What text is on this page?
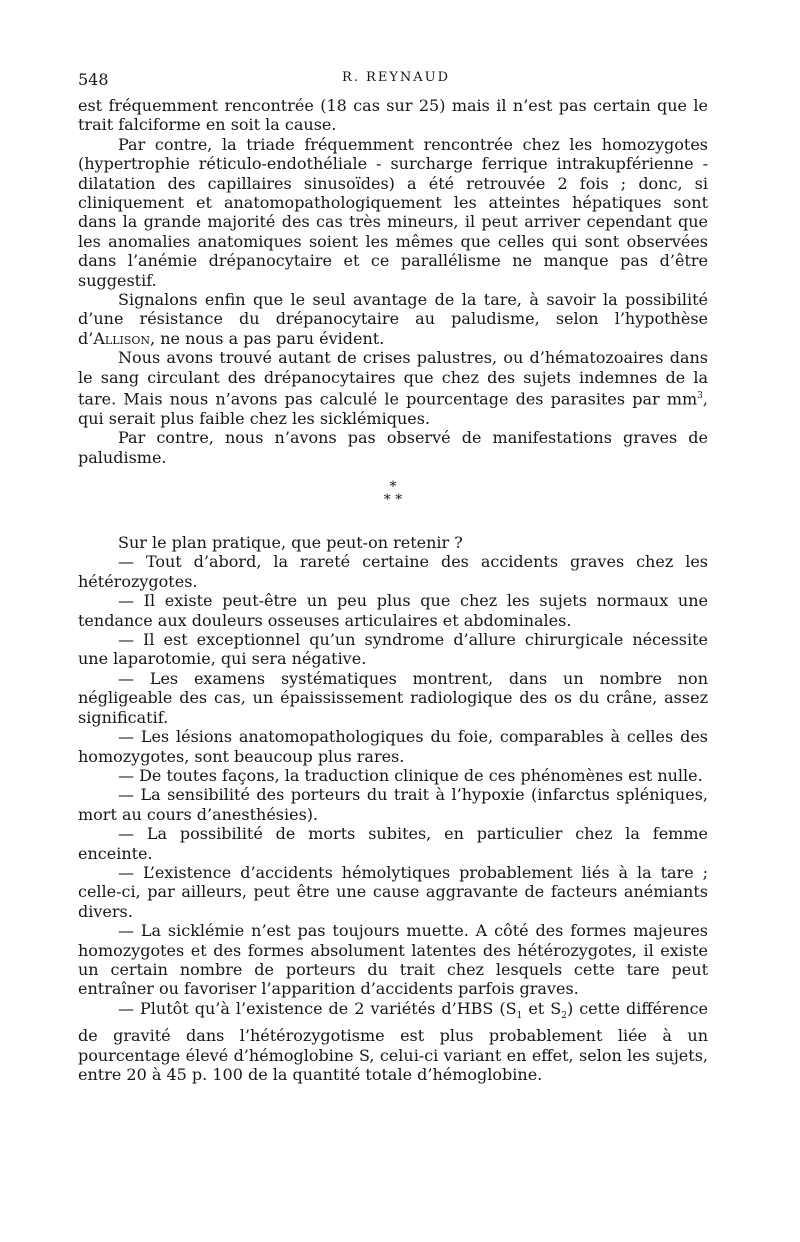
548	R. REYNAUD

est fréquemment rencontrée (18 cas sur 25) mais il n’est pas certain que le trait falciforme en soit la cause.

Par contre, la triade fréquemment rencontrée chez les homozygotes (hypertrophie réticulo-endothéliale - surcharge ferrique intrakupférienne - dilatation des capillaires sinusoïdes) a été retrouvée 2 fois ; donc, si cliniquement et anatomopathologiquement les atteintes hépatiques sont dans la grande majorité des cas très mineurs, il peut arriver cependant que les anomalies anatomiques soient les mêmes que celles qui sont observées dans l’anémie drépanocytaire et ce parallélisme ne manque pas d’être suggestif.

Signalons enfin que le seul avantage de la tare, à savoir la possibilité d’une résistance du drépanocytaire au paludisme, selon l’hypothèse d’Allison, ne nous a pas paru évident.

Nous avons trouvé autant de crises palustres, ou d’hématozoaires dans le sang circulant des drépanocytaires que chez des sujets indemnes de la tare. Mais nous n’avons pas calculé le pourcentage des parasites par $mm^3$, qui serait plus faible chez les sicklémiques.

Par contre, nous n’avons pas observé de manifestations graves de paludisme.

*
* *

Sur le plan pratique, que peut-on retenir ?

— Tout d’abord, la rareté certaine des accidents graves chez les hétérozygotes.

— Il existe peut-être un peu plus que chez les sujets normaux une tendance aux douleurs osseuses articulaires et abdominales.

— Il est exceptionnel qu’un syndrome d’allure chirurgicale nécessite une laparotomie, qui sera négative.

— Les examens systématiques montrent, dans un nombre non négligeable des cas, un épaississement radiologique des os du crâne, assez significatif.

— Les lésions anatomopathologiques du foie, comparables à celles des homozygotes, sont beaucoup plus rares.

— De toutes façons, la traduction clinique de ces phénomènes est nulle.

— La sensibilité des porteurs du trait à l’hypoxie (infarctus spléniques, mort au cours d’anesthésies).

— La possibilité de morts subites, en particulier chez la femme enceinte.

— L’existence d’accidents hémolytiques probablement liés à la tare ; celle-ci, par ailleurs, peut être une cause aggravante de facteurs anémiants divers.

— La sicklémie n’est pas toujours muette. A côté des formes majeures homozygotes et des formes absolument latentes des hétérozygotes, il existe un certain nombre de porteurs du trait chez lesquels cette tare peut entraîner ou favoriser l’apparition d’accidents parfois graves.

— Plutôt qu’à l’existence de 2 variétés d’HBS ($S_1$ et $S_2$) cette différence de gravité dans l’hétérozygotisme est plus probablement liée à un pourcentage élevé d’hémoglobine S, celui-ci variant en effet, selon les sujets, entre 20 à 45 p. 100 de la quantité totale d’hémoglobine.
